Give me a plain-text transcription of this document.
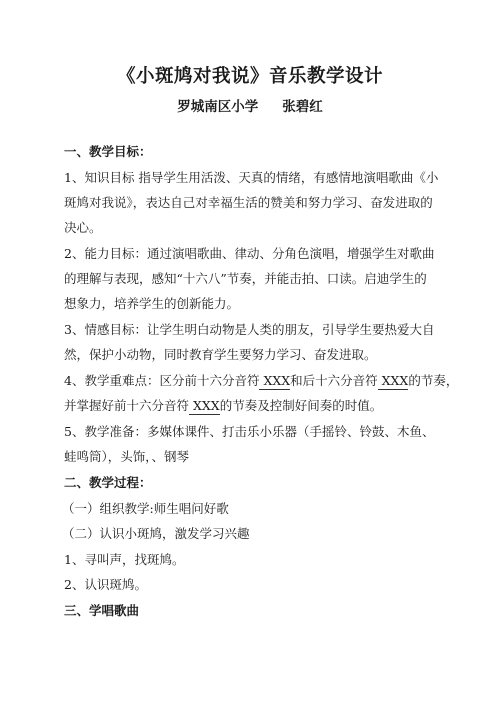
《小斑鸠对我说》音乐教学设计
罗城南区小学 张碧红
一、教学目标：
1、知识目标 指导学生用活泼、天真的情绪，有感情地演唱歌曲《小
斑鸠对我说》，表达自己对幸福生活的赞美和努力学习、奋发进取的
决心。
2、能力目标：通过演唱歌曲、律动、分角色演唱，增强学生对歌曲
的理解与表现，感知“十六八”节奏，并能击拍、口读。启迪学生的
想象力，培养学生的创新能力。
3、情感目标：让学生明白动物是人类的朋友，引导学生要热爱大自
然，保护小动物，同时教育学生要努力学习、奋发进取。
4、教学重难点：区分前十六分音符 XXX和后十六分音符 XXX的节奏，
并掌握好前十六分音符 XXX的节奏及控制好间奏的时值。
5、教学准备：多媒体课件、打击乐小乐器（手摇铃、铃鼓、木鱼、
蛙鸣筒），头饰，、钢琴
二、教学过程：
（一）组织教学:师生唱问好歌
（二）认识小斑鸠，激发学习兴趣
1、寻叫声，找斑鸠。
2、认识斑鸠。
三、学唱歌曲
